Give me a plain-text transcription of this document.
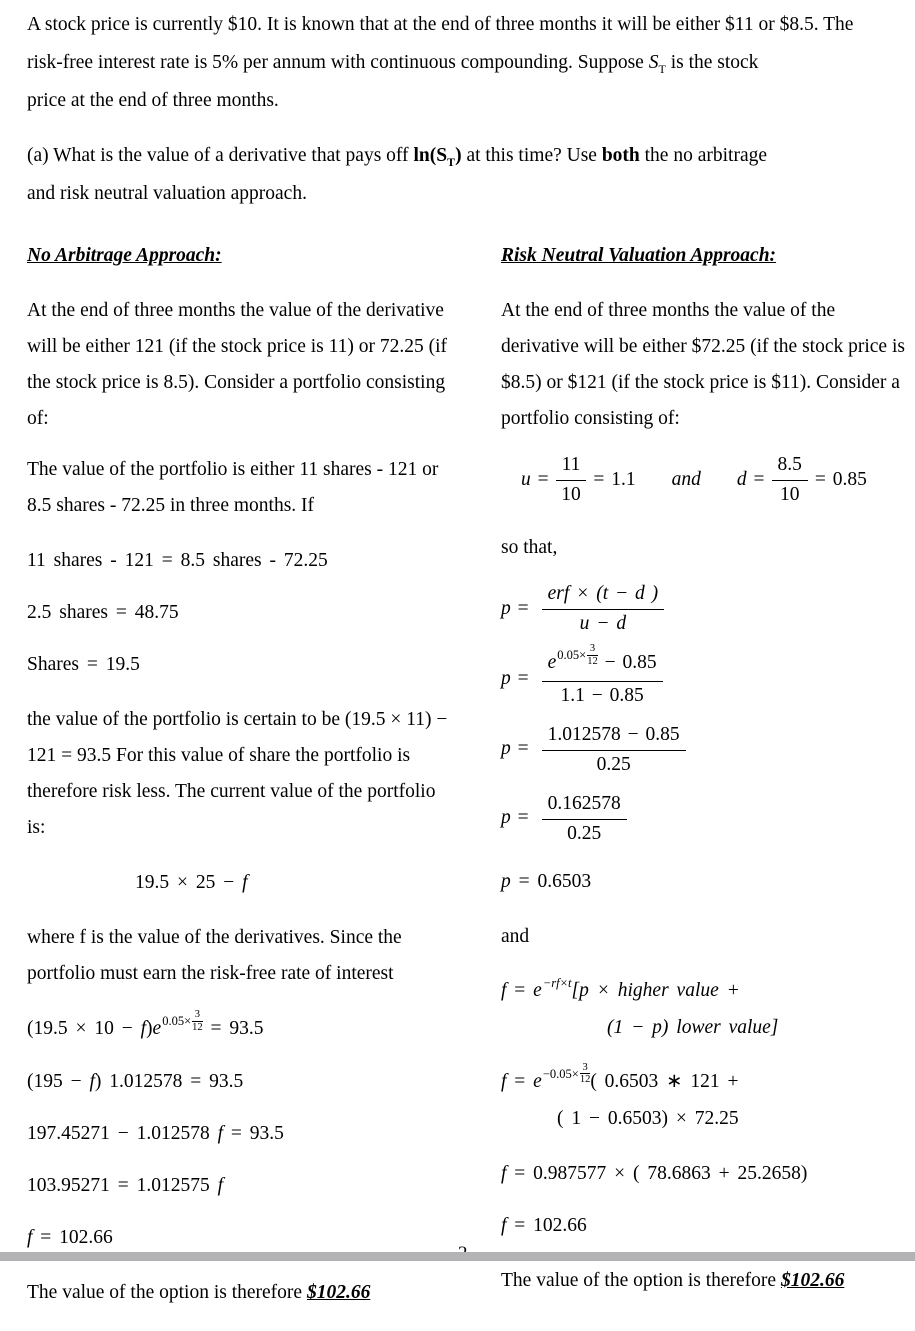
A stock price is currently $10. It is known that at the end of three months it will be either $11 or $8.5. The

risk-free interest rate is 5% per annum with continuous compounding. Suppose $S_T$ is the stock

price at the end of three months.

(a) What is the value of a derivative that pays off $\ln(S_T)$ at this time? Use both the no arbitrage

and risk neutral valuation approach.

No Arbitrage Approach:

At the end of three months the value of the derivative will be either 121 (if the stock price is 11) or 72.25 (if the stock price is 8.5). Consider a portfolio consisting of:

The value of the portfolio is either 11 shares - 121 or 8.5 shares - 72.25 in three months. If

11 shares - 121 = 8.5 shares - 72.25
2.5 shares = 48.75
Shares = 19.5

the value of the portfolio is certain to be (19.5 × 11) − 121 = 93.5 For this value of share the portfolio is therefore risk less. The current value of the portfolio is:

19.5 × 25 − f

where f is the value of the derivatives. Since the portfolio must earn the risk-free rate of interest

(19.5 × 10 − f)e $0.05\times \frac{3}{12} = 93.5$
(195 − f) 1.012578 = 93.5
197.45271 − 1.012578 f = 93.5
103.95271 = 1.012575 f
f = 102.66

The value of the option is therefore $102.66

Risk Neutral Valuation Approach:

At the end of three months the value of the derivative will be either $72.25 (if the stock price is $8.5) or $121 (if the stock price is $11). Consider a portfolio consisting of:

u
= $\frac{11}{10} = 1.1$ and d
= $\frac{8.5}{10} = 0.85$

so that,

$p = \frac{\text{erf × (t − d )}}{u - d}$
$p = \frac{e 0.05\times \frac{3}{12} - 0.85}{1.1 - 0.85}$
$p = \frac{1.012578 - 0.85}{0.25}$
$p = \frac{0.162578}{0.25}$
p = 0.6503

and

f = e−rf×t[p × higher value +
(1 − p) lower value]
$f = e -0.05\times \frac{3}{12}$ ( 0.6503 ∗ 121 +
( 1 − 0.6503) × 72.25
f = 0.987577 × ( 78.6863 + 25.2658)
f = 102.66

The value of the option is therefore $102.66
